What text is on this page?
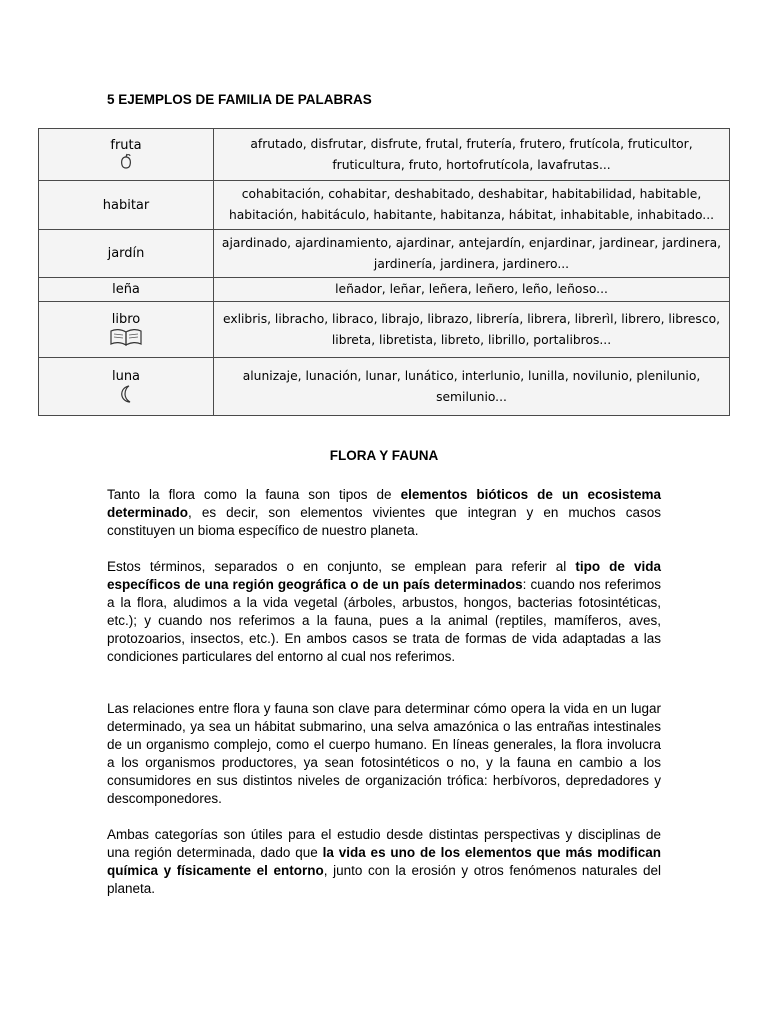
5 EJEMPLOS DE FAMILIA DE PALABRAS
fruta	afrutado, disfrutar, disfrute, frutal, frutería, frutero, frutícola, fruticultor, fruticultura, fruto, hortofrutícola, lavafrutas...
habitar	cohabitación, cohabitar, deshabitado, deshabitar, habitabilidad, habitable, habitación, habitáculo, habitante, habitanza, hábitat, inhabitable, inhabitado...
jardín	ajardinado, ajardinamiento, ajardinar, antejardín, enjardinar, jardinear, jardinera, jardinería, jardinera, jardinero...
leña	leñador, leñar, leñera, leñero, leño, leñoso...

libro	exlibris, libracho, libraco, librajo, librazo, librería, librera, librerìl, librero, libresco, libreta, libretista, libreto, librillo, portalibros...

luna	alunizaje, lunación, lunar, lunático, interlunio, lunilla, novilunio, plenilunio, semilunio...
FLORA Y FAUNA

Tanto la flora como la fauna son tipos de elementos bióticos de un ecosistema determinado, es decir, son elementos vivientes que integran y en muchos casos constituyen un bioma específico de nuestro planeta.

Estos términos, separados o en conjunto, se emplean para referir al tipo de vida específicos de una región geográfica o de un país determinados: cuando nos referimos a la flora, aludimos a la vida vegetal (árboles, arbustos, hongos, bacterias fotosintéticas, etc.); y cuando nos referimos a la fauna, pues a la animal (reptiles, mamíferos, aves, protozoarios, insectos, etc.). En ambos casos se trata de formas de vida adaptadas a las condiciones particulares del entorno al cual nos referimos.

Las relaciones entre flora y fauna son clave para determinar cómo opera la vida en un lugar determinado, ya sea un hábitat submarino, una selva amazónica o las entrañas intestinales de un organismo complejo, como el cuerpo humano. En líneas generales, la flora involucra a los organismos productores, ya sean fotosintéticos o no, y la fauna en cambio a los consumidores en sus distintos niveles de organización trófica: herbívoros, depredadores y descomponedores.

Ambas categorías son útiles para el estudio desde distintas perspectivas y disciplinas de una región determinada, dado que la vida es uno de los elementos que más modifican química y físicamente el entorno, junto con la erosión y otros fenómenos naturales del planeta.
